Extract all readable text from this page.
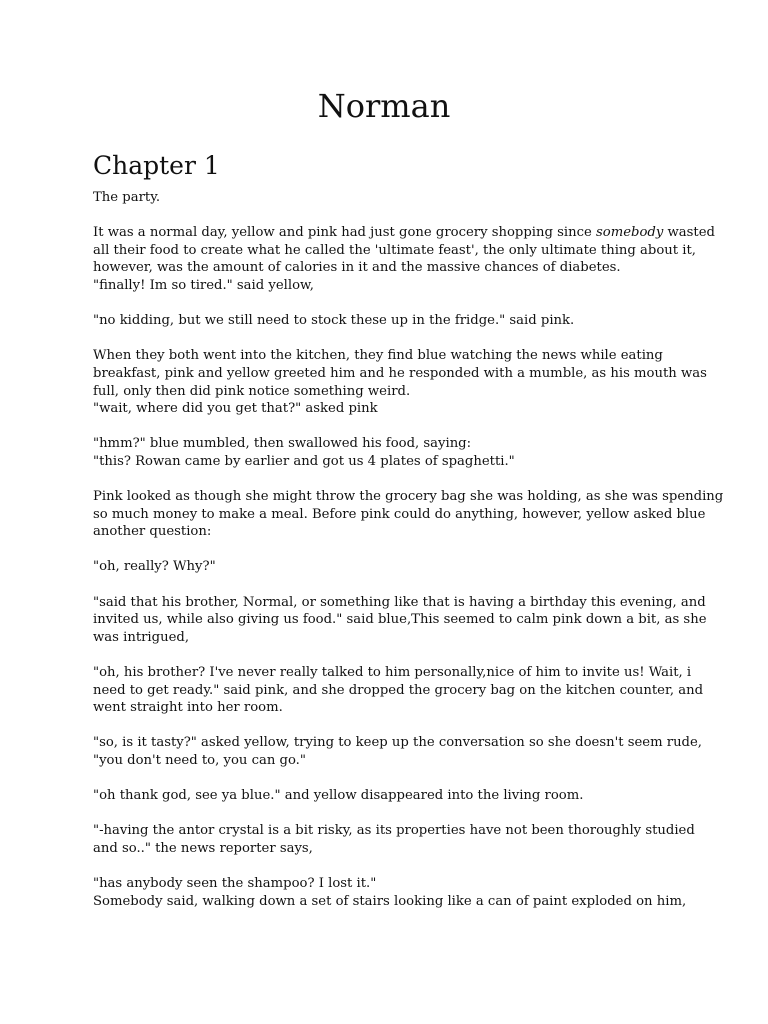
Norman
Chapter 1

The party.

It was a normal day, yellow and pink had just gone grocery shopping since somebody wasted

all their food to create what he called the 'ultimate feast', the only ultimate thing about it,

however, was the amount of calories in it and the massive chances of diabetes.

"finally! Im so tired." said yellow,

"no kidding, but we still need to stock these up in the fridge." said pink.

When they both went into the kitchen, they find blue watching the news while eating

breakfast, pink and yellow greeted him and he responded with a mumble, as his mouth was

full, only then did pink notice something weird.

"wait, where did you get that?" asked pink

"hmm?" blue mumbled, then swallowed his food, saying:

"this? Rowan came by earlier and got us 4 plates of spaghetti."

Pink looked as though she might throw the grocery bag she was holding, as she was spending

so much money to make a meal. Before pink could do anything, however, yellow asked blue

another question:

"oh, really? Why?"

"said that his brother, Normal, or something like that is having a birthday this evening, and

invited us, while also giving us food." said blue,This seemed to calm pink down a bit, as she

was intrigued,

"oh, his brother? I've never really talked to him personally,nice of him to invite us! Wait, i

need to get ready." said pink, and she dropped the grocery bag on the kitchen counter, and

went straight into her room.

"so, is it tasty?" asked yellow, trying to keep up the conversation so she doesn't seem rude,

"you don't need to, you can go."

"oh thank god, see ya blue." and yellow disappeared into the living room.

"-having the antor crystal is a bit risky, as its properties have not been thoroughly studied

and so.." the news reporter says,

"has anybody seen the shampoo? I lost it."

Somebody said, walking down a set of stairs looking like a can of paint exploded on him,
